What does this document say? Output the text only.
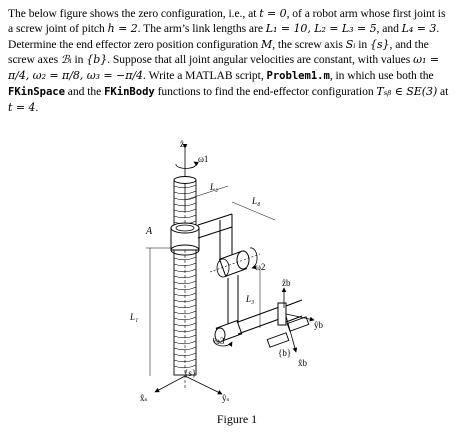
The below figure shows the zero configuration, i.e., at t = 0, of a robot arm whose first joint is
a screw joint of pitch h = 2. The arm’s link lengths are L₁ = 10, L₂ = L₃ = 5, and L₄ = 3.
Determine the end effector zero position configuration M, the screw axis Sᵢ in {s}, and the
screw axes ℬᵢ in {b}. Suppose that all joint angular velocities are constant, with values ω₁ =
π/4, ω₂ = π/8, ω₃ = −π/4. Write a MATLAB script, Problem1.m, in which use both the
FKinSpace and the FKinBody functions to find the end-effector configuration Tₛᵦ ∈ SE(3) at
t = 4.
ẑₛ
ω1
L₂
L₄
A
ω2
L₃
ẑb
L₁
ŷb
ω3
{b}
x̂b
{s}
x̂ₛ	ŷₛ
Figure 1
